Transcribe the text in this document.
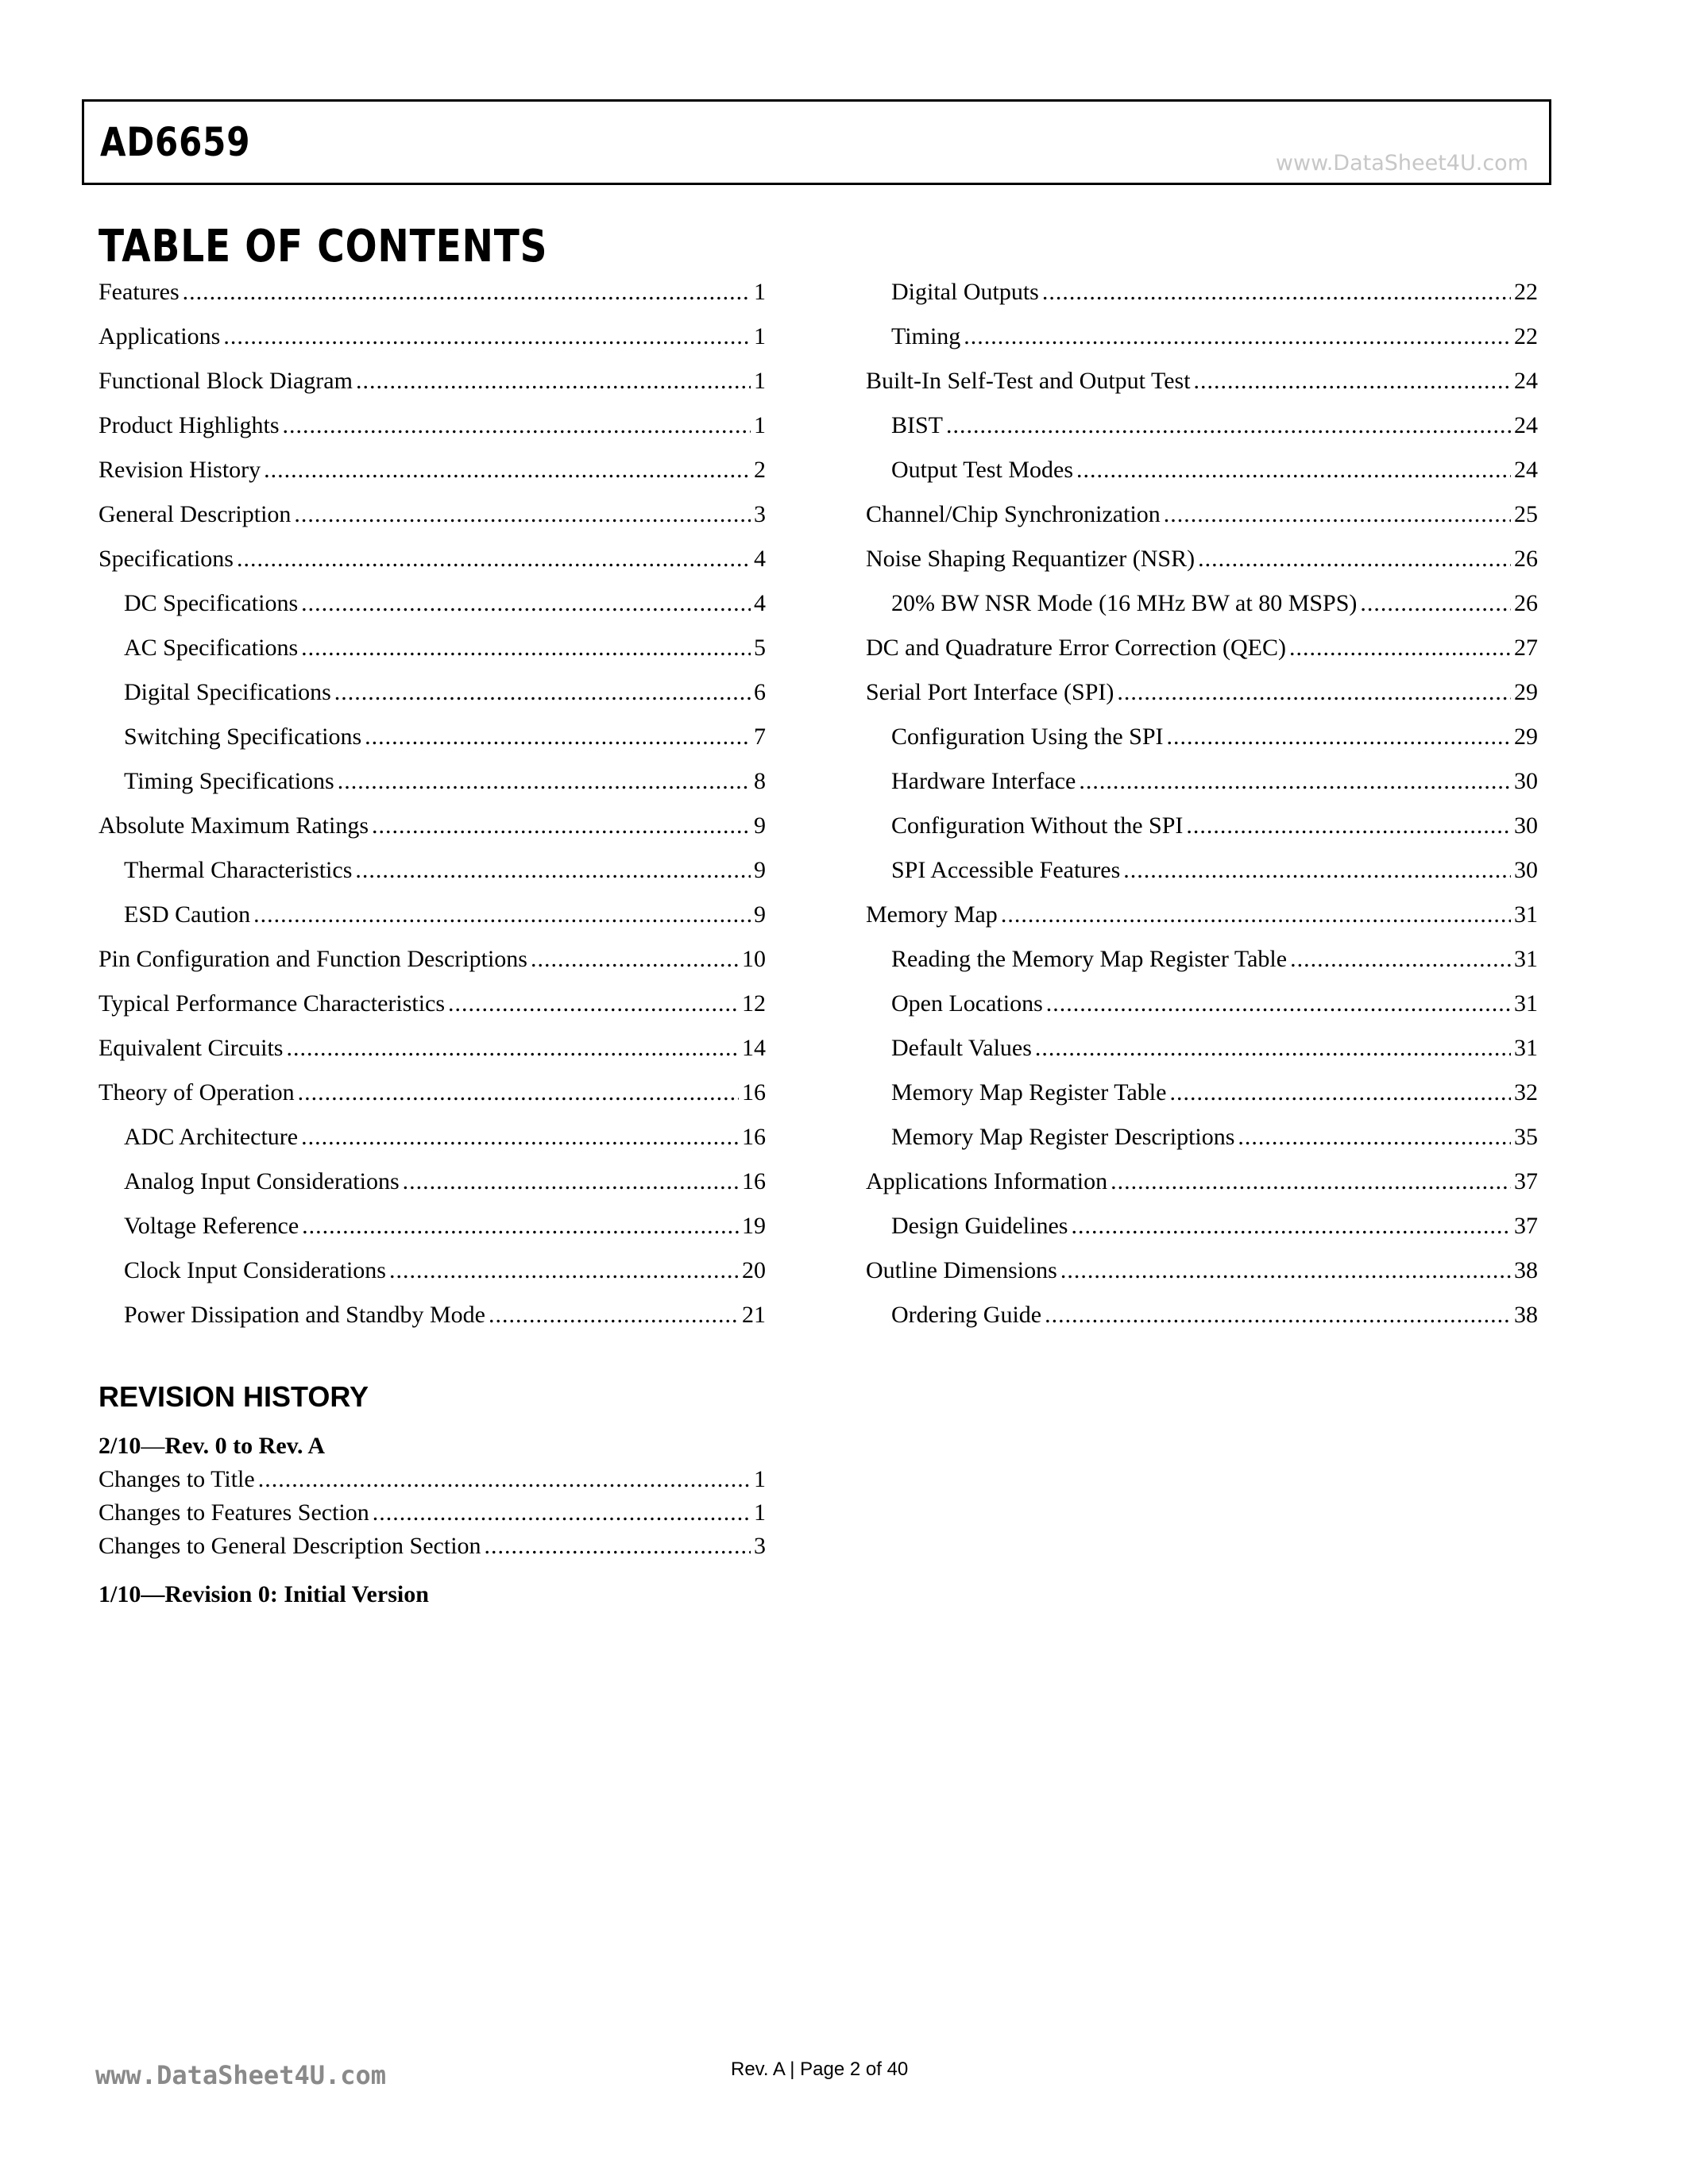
AD6659	www.DataSheet4U.com
TABLE OF CONTENTS
Features .....	1
Applications .....	1
Functional Block Diagram .....	1
Product Highlights .....	1
Revision History .....	2
General Description .....	3
Specifications .....	4
DC Specifications .....	4
AC Specifications .....	5
Digital Specifications .....	6
Switching Specifications .....	7
Timing Specifications .....	8
Absolute Maximum Ratings .....	9
Thermal Characteristics .....	9
ESD Caution .....	9
Pin Configuration and Function Descriptions .....	10
Typical Performance Characteristics .....	12
Equivalent Circuits .....	14
Theory of Operation .....	16
ADC Architecture .....	16
Analog Input Considerations .....	16
Voltage Reference .....	19
Clock Input Considerations .....	20
Power Dissipation and Standby Mode .....	21
Digital Outputs .....	22
Timing .....	22
Built-In Self-Test and Output Test .....	24
BIST .....	24
Output Test Modes .....	24
Channel/Chip Synchronization .....	25
Noise Shaping Requantizer (NSR) .....	26
20% BW NSR Mode (16 MHz BW at 80 MSPS) .....	26
DC and Quadrature Error Correction (QEC) .....	27
Serial Port Interface (SPI) .....	29
Configuration Using the SPI .....	29
Hardware Interface .....	30
Configuration Without the SPI .....	30
SPI Accessible Features .....	30
Memory Map .....	31
Reading the Memory Map Register Table .....	31
Open Locations .....	31
Default Values .....	31
Memory Map Register Table .....	32
Memory Map Register Descriptions .....	35
Applications Information .....	37
Design Guidelines .....	37
Outline Dimensions .....	38
Ordering Guide .....	38
REVISION HISTORY
2/10—Rev. 0 to Rev. A
Changes to Title .....	1
Changes to Features Section .....	1
Changes to General Description Section .....	3
1/10—Revision 0: Initial Version
www.DataSheet4U.com	Rev. A | Page 2 of 40
